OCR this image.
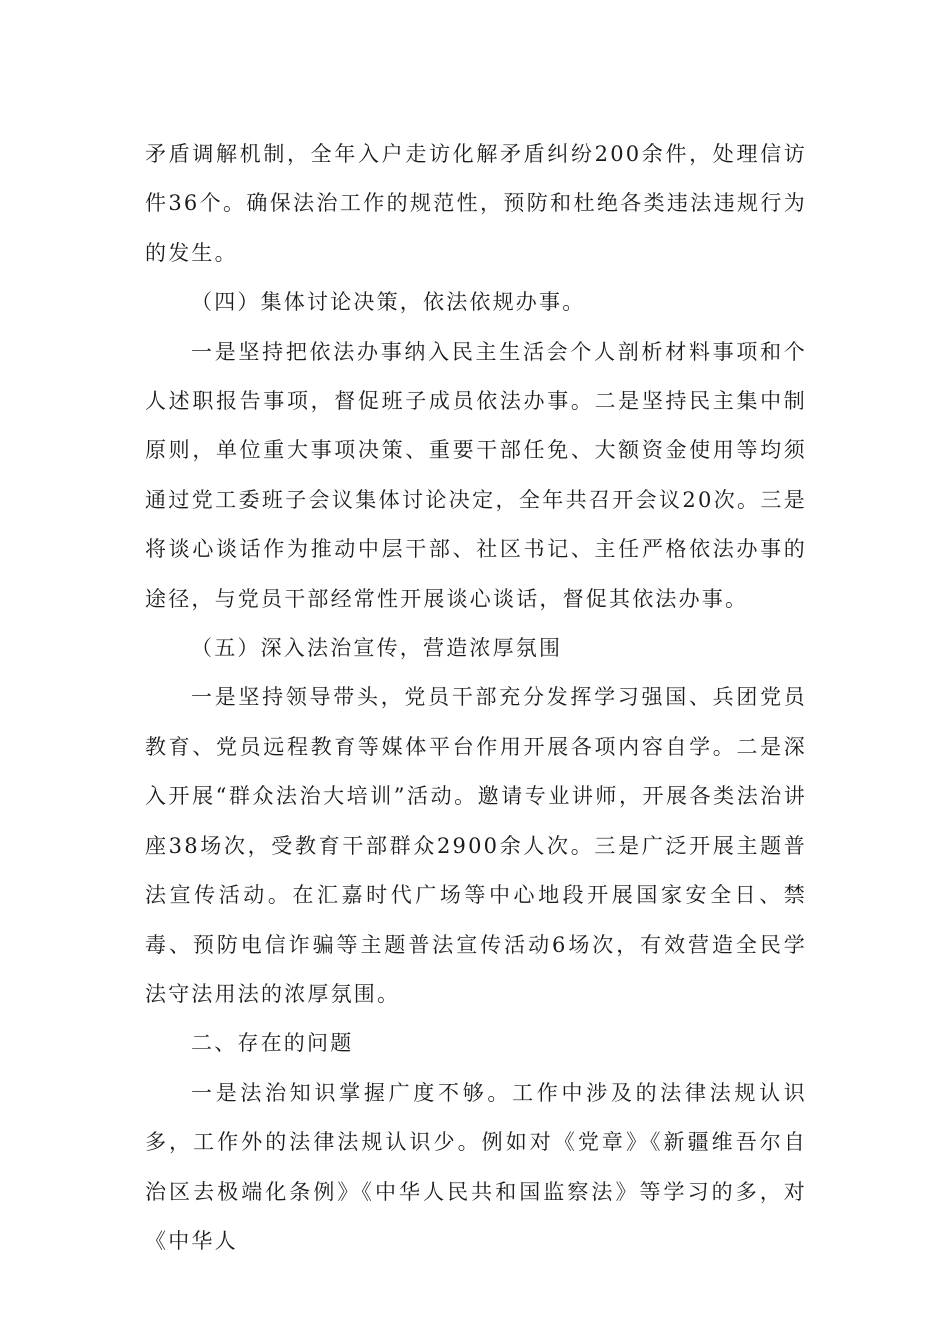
矛盾调解机制，全年入户走访化解矛盾纠纷200余件，处理信访件36个。确保法治工作的规范性，预防和杜绝各类违法违规行为的发生。

（四）集体讨论决策，依法依规办事。

一是坚持把依法办事纳入民主生活会个人剖析材料事项和个人述职报告事项，督促班子成员依法办事。二是坚持民主集中制原则，单位重大事项决策、重要干部任免、大额资金使用等均须通过党工委班子会议集体讨论决定，全年共召开会议20次。三是将谈心谈话作为推动中层干部、社区书记、主任严格依法办事的途径，与党员干部经常性开展谈心谈话，督促其依法办事。

（五）深入法治宣传，营造浓厚氛围

一是坚持领导带头，党员干部充分发挥学习强国、兵团党员教育、党员远程教育等媒体平台作用开展各项内容自学。二是深入开展“群众法治大培训”活动。邀请专业讲师，开展各类法治讲座38场次，受教育干部群众2900余人次。三是广泛开展主题普法宣传活动。在汇嘉时代广场等中心地段开展国家安全日、禁毒、预防电信诈骗等主题普法宣传活动6场次，有效营造全民学法守法用法的浓厚氛围。

二、存在的问题

一是法治知识掌握广度不够。工作中涉及的法律法规认识多，工作外的法律法规认识少。例如对《党章》《新疆维吾尔自治区去极端化条例》《中华人民共和国监察法》等学习的多，对《中华人
